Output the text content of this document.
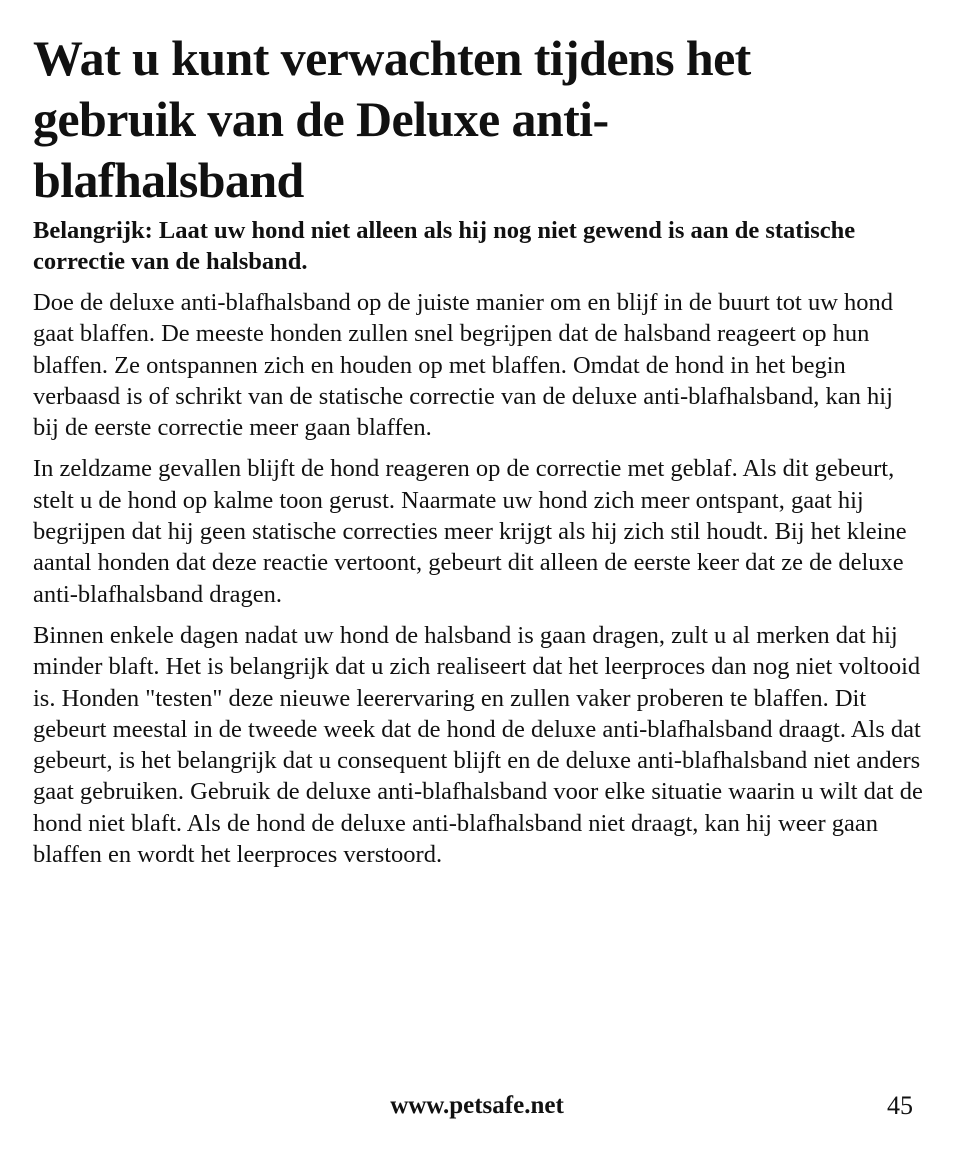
Wat u kunt verwachten tijdens het gebruik van de Deluxe anti-blafhalsband

Belangrijk: Laat uw hond niet alleen als hij nog niet gewend is aan de statische correctie van de halsband.

Doe de deluxe anti-blafhalsband op de juiste manier om en blijf in de buurt tot uw hond gaat blaffen. De meeste honden zullen snel begrijpen dat de halsband reageert op hun blaffen. Ze ontspannen zich en houden op met blaffen. Omdat de hond in het begin verbaasd is of schrikt van de statische correctie van de deluxe anti-blafhalsband, kan hij bij de eerste correctie meer gaan blaffen.

In zeldzame gevallen blijft de hond reageren op de correctie met geblaf. Als dit gebeurt, stelt u de hond op kalme toon gerust. Naarmate uw hond zich meer ontspant, gaat hij begrijpen dat hij geen statische correcties meer krijgt als hij zich stil houdt. Bij het kleine aantal honden dat deze reactie vertoont, gebeurt dit alleen de eerste keer dat ze de deluxe anti-blafhalsband dragen.

Binnen enkele dagen nadat uw hond de halsband is gaan dragen, zult u al merken dat hij minder blaft. Het is belangrijk dat u zich realiseert dat het leerproces dan nog niet voltooid is. Honden "testen" deze nieuwe leerervaring en zullen vaker proberen te blaffen. Dit gebeurt meestal in de tweede week dat de hond de deluxe anti-blafhalsband draagt. Als dat gebeurt, is het belangrijk dat u consequent blijft en de deluxe anti-blafhalsband niet anders gaat gebruiken. Gebruik de deluxe anti-blafhalsband voor elke situatie waarin u wilt dat de hond niet blaft. Als de hond de deluxe anti-blafhalsband niet draagt, kan hij weer gaan blaffen en wordt het leerproces verstoord.

www.petsafe.net	45
